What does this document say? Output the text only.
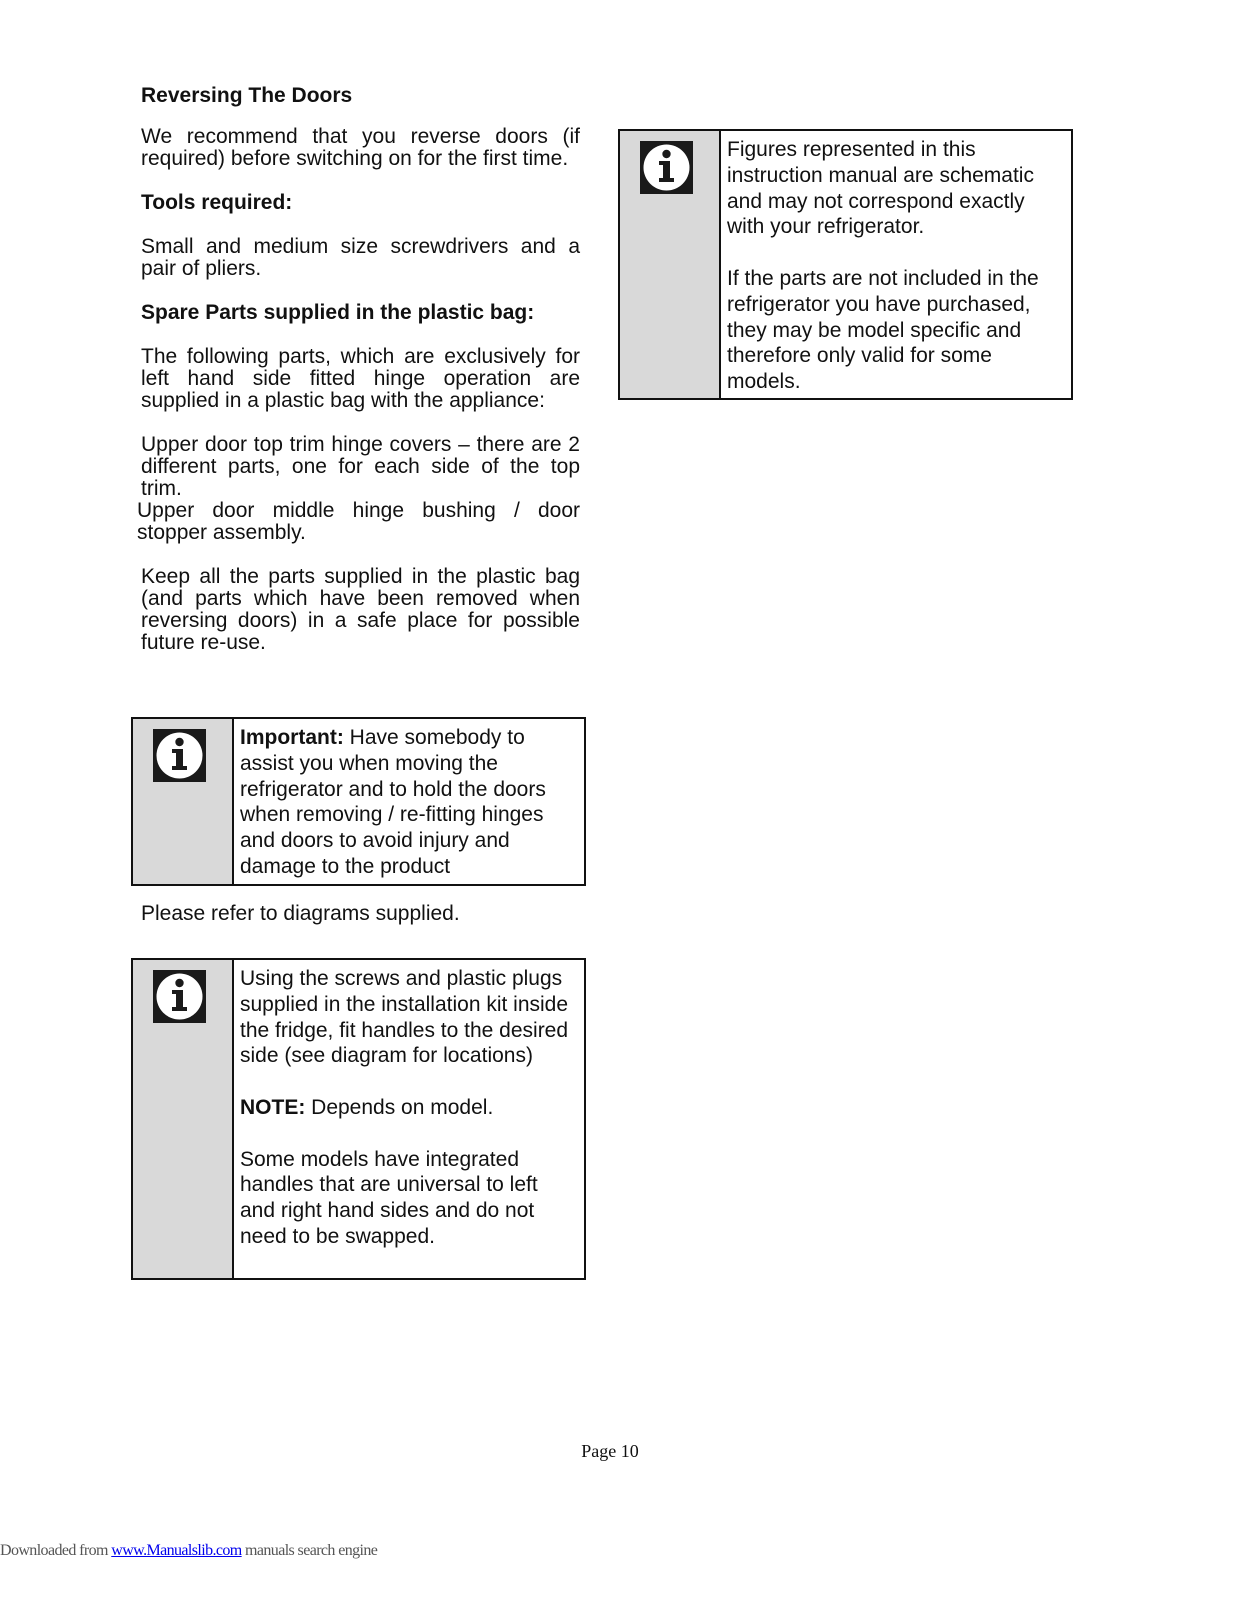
Reversing The Doors
We recommend that you reverse doors (if required) before switching on for the first time.
Tools required:
Small and medium size screwdrivers and a pair of pliers.
Spare Parts supplied in the plastic bag:
The following parts, which are exclusively for left hand side fitted hinge operation are supplied in a plastic bag with the appliance:
Upper door top trim hinge covers – there are 2 different parts, one for each side of the top trim.
Upper door middle hinge bushing / door stopper assembly.
Keep all the parts supplied in the plastic bag (and parts which have been removed when reversing doors) in a safe place for possible future re-use.

Important: Have somebody to assist you when moving the refrigerator and to hold the doors when removing / re-fitting hinges and doors to avoid injury and damage to the product

Please refer to diagrams supplied.

Using the screws and plastic plugs supplied in the installation kit inside the fridge, fit handles to the desired side (see diagram for locations)

NOTE: Depends on model.

Some models have integrated handles that are universal to left and right hand sides and do not need to be swapped.

Figures represented in this instruction manual are schematic and may not correspond exactly with your refrigerator.

If the parts are not included in the refrigerator you have purchased, they may be model specific and therefore only valid for some models.

Page 10
Downloaded from www.Manualslib.com manuals search engine
